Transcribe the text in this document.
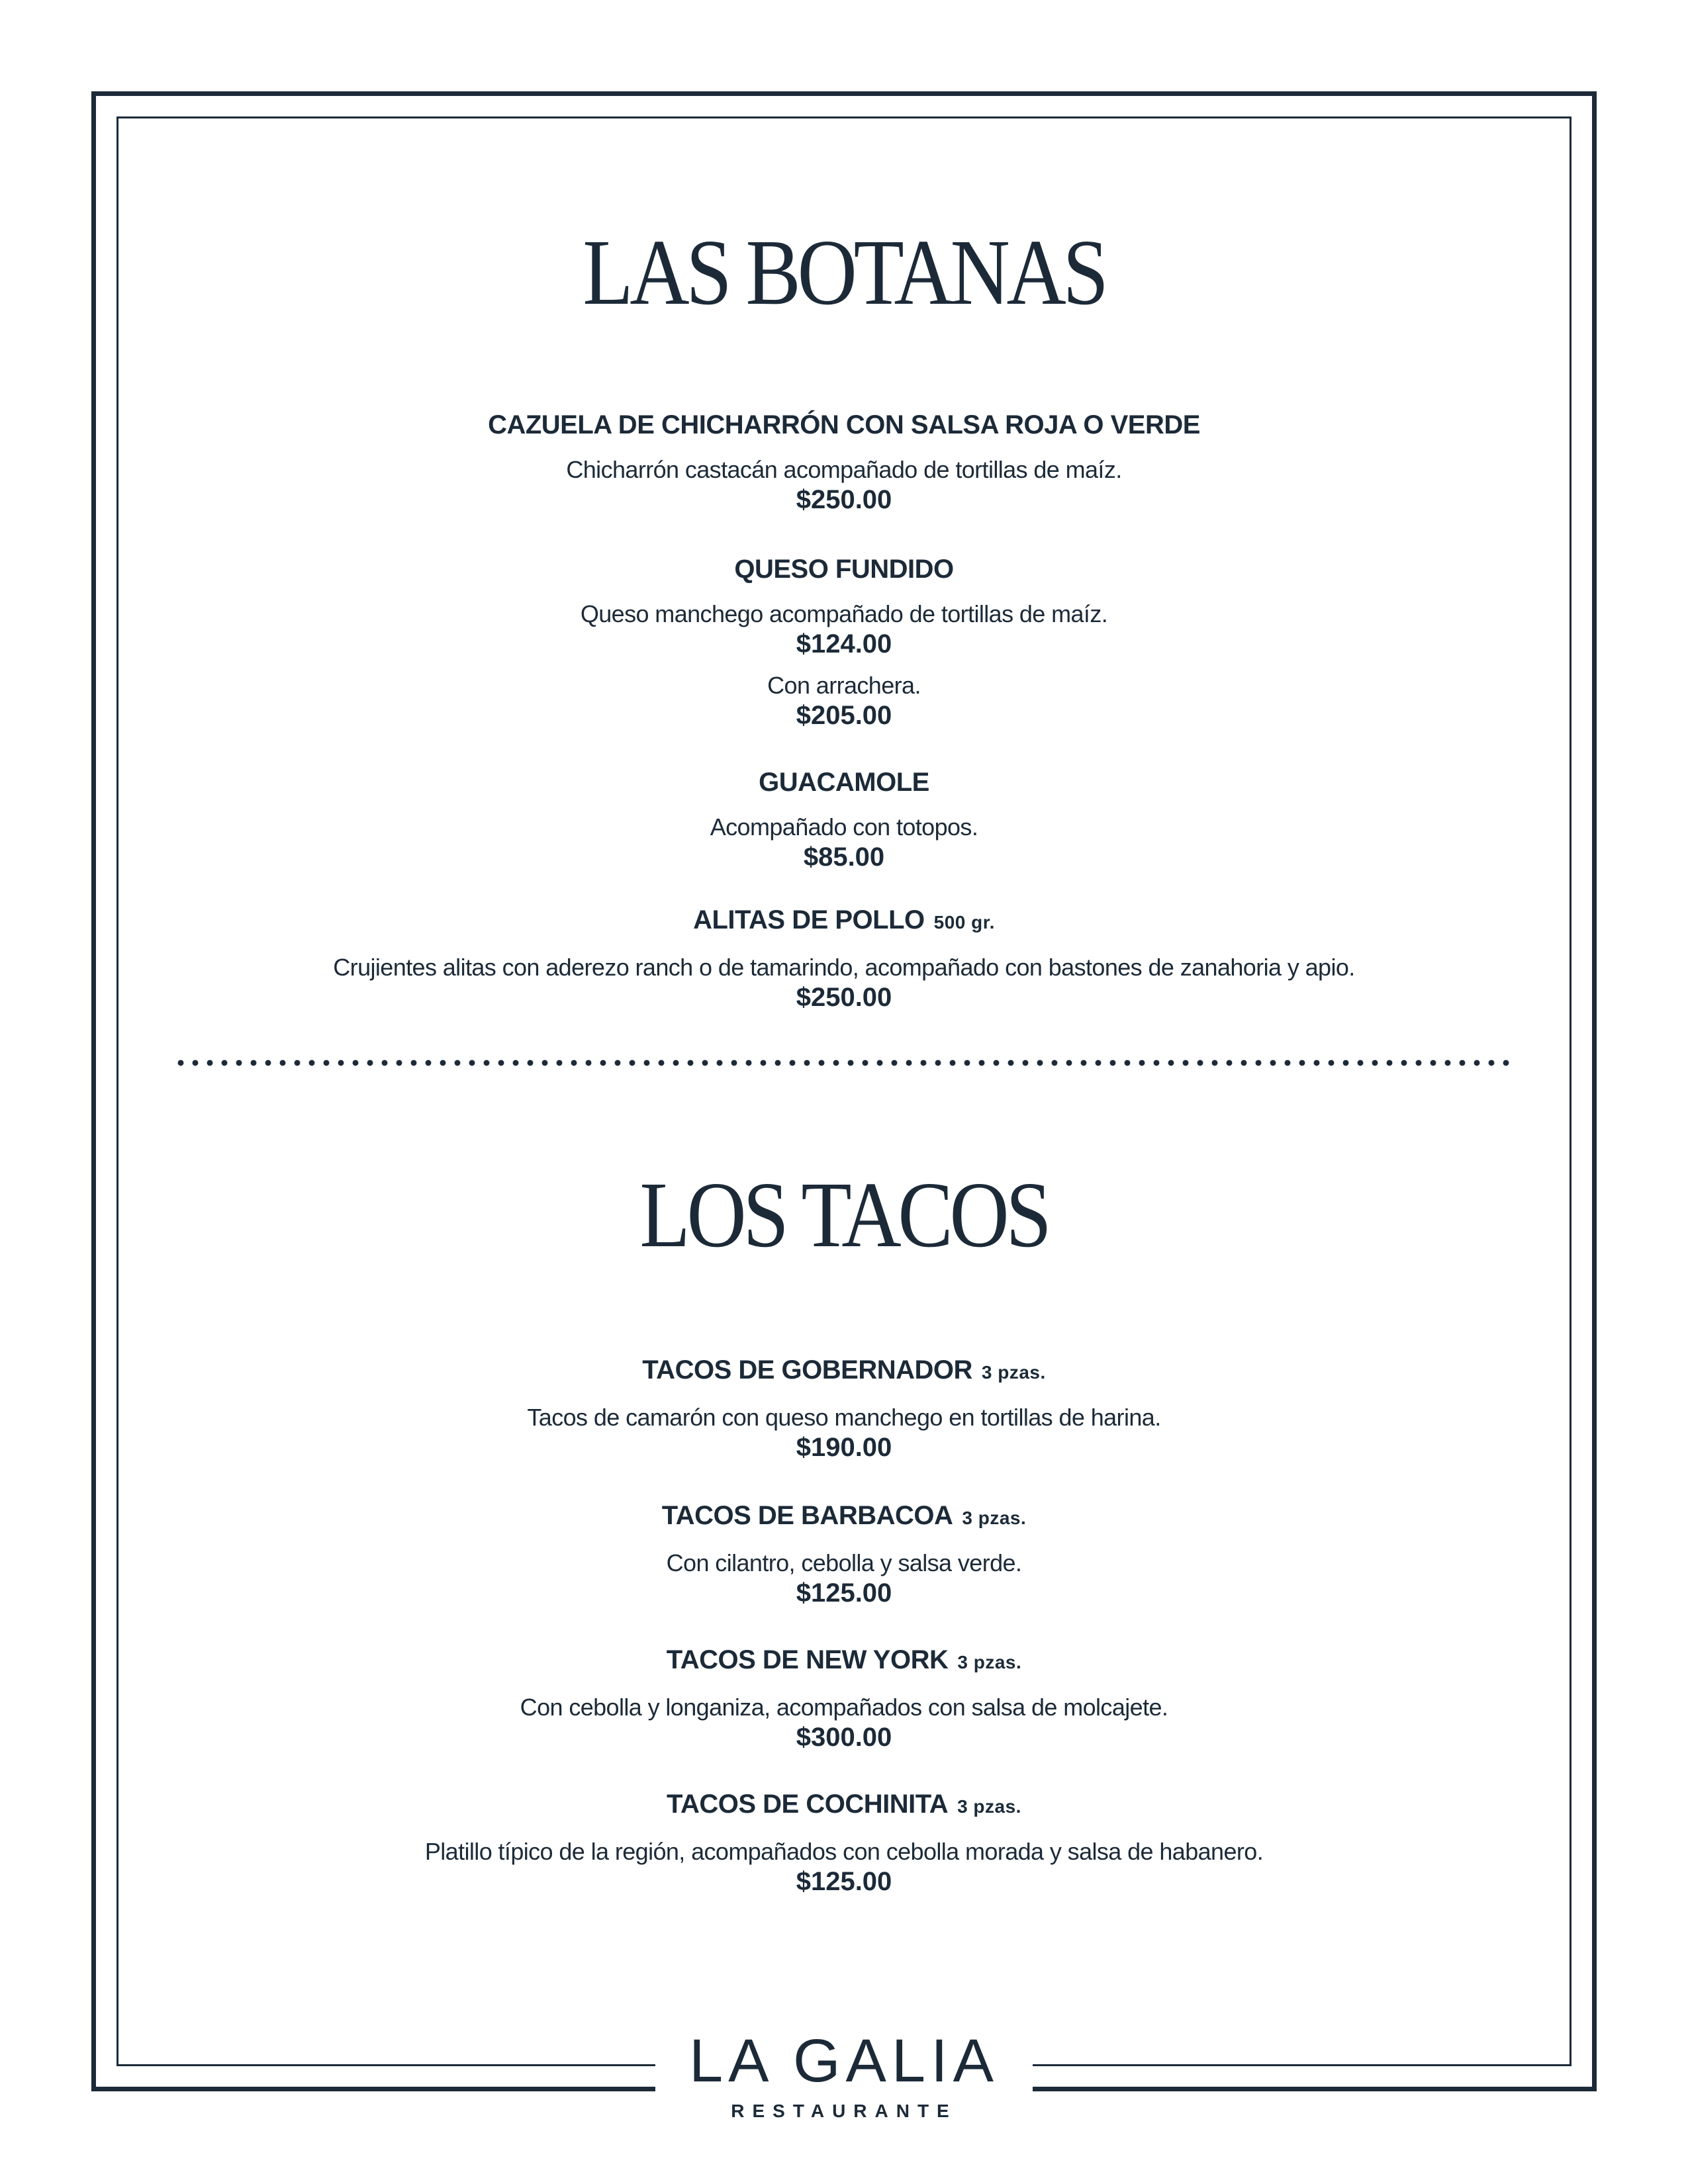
LAS BOTANAS
CAZUELA DE CHICHARRÓN CON SALSA ROJA O VERDE
Chicharrón castacán acompañado de tortillas de maíz.
$250.00
QUESO FUNDIDO
Queso manchego acompañado de tortillas de maíz.
$124.00
Con arrachera.
$205.00
GUACAMOLE
Acompañado con totopos.
$85.00
ALITAS DE POLLO 500 gr.
Crujientes alitas con aderezo ranch o de tamarindo, acompañado con bastones de zanahoria y apio.
$250.00
LOS TACOS
TACOS DE GOBERNADOR 3 pzas.
Tacos de camarón con queso manchego en tortillas de harina.
$190.00
TACOS DE BARBACOA 3 pzas.
Con cilantro, cebolla y salsa verde.
$125.00
TACOS DE NEW YORK 3 pzas.
Con cebolla y longaniza, acompañados con salsa de molcajete.
$300.00
TACOS DE COCHINITA 3 pzas.
Platillo típico de la región, acompañados con cebolla morada y salsa de habanero.
$125.00
LA GALIA
RESTAURANTE
